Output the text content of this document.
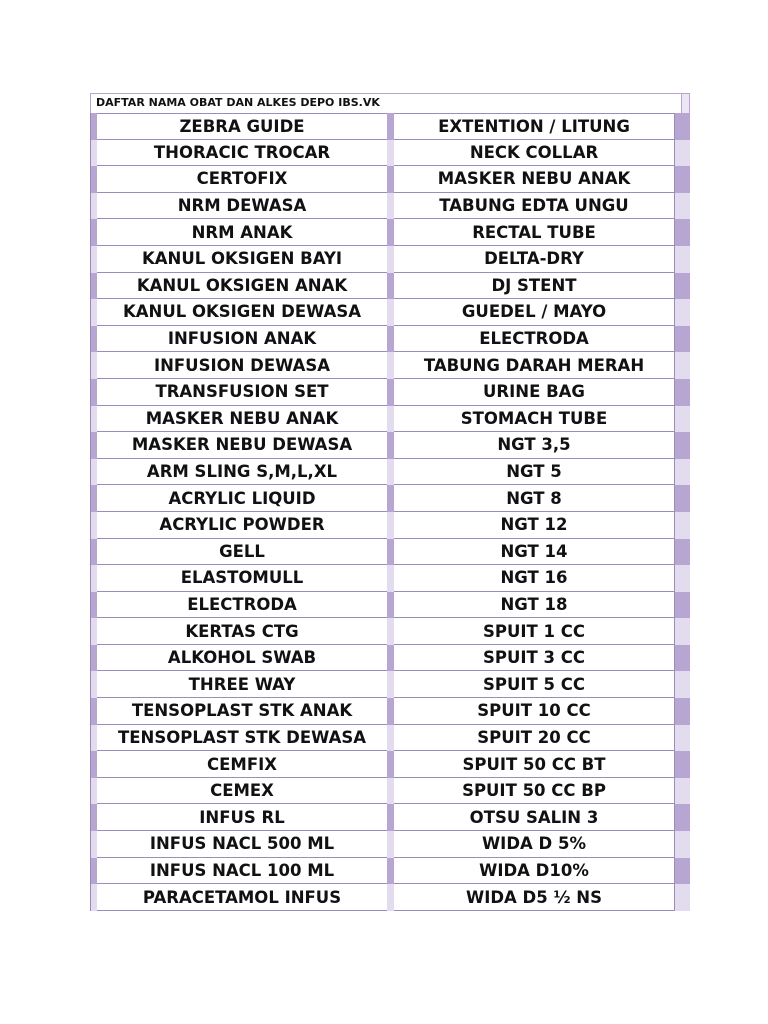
DAFTAR NAMA OBAT DAN ALKES DEPO IBS.VK
ZEBRA GUIDE	EXTENTION / LITUNG
THORACIC TROCAR	NECK COLLAR
CERTOFIX	MASKER NEBU ANAK
NRM DEWASA	TABUNG EDTA UNGU
NRM ANAK	RECTAL TUBE
KANUL OKSIGEN BAYI	DELTA-DRY
KANUL OKSIGEN ANAK	DJ STENT
KANUL OKSIGEN DEWASA	GUEDEL / MAYO
INFUSION ANAK	ELECTRODA
INFUSION DEWASA	TABUNG DARAH MERAH
TRANSFUSION SET	URINE BAG
MASKER NEBU ANAK	STOMACH TUBE
MASKER NEBU DEWASA	NGT 3,5
ARM SLING S,M,L,XL	NGT 5
ACRYLIC LIQUID	NGT 8
ACRYLIC POWDER	NGT 12
GELL	NGT 14
ELASTOMULL	NGT 16
ELECTRODA	NGT 18
KERTAS CTG	SPUIT 1 CC
ALKOHOL SWAB	SPUIT 3 CC
THREE WAY	SPUIT 5 CC
TENSOPLAST STK ANAK	SPUIT 10 CC
TENSOPLAST STK DEWASA	SPUIT 20 CC
CEMFIX	SPUIT 50 CC BT
CEMEX	SPUIT 50 CC BP
INFUS RL	OTSU SALIN 3
INFUS NACL 500 ML	WIDA D 5%
INFUS NACL 100 ML	WIDA D10%
PARACETAMOL INFUS	WIDA D5 ½ NS
